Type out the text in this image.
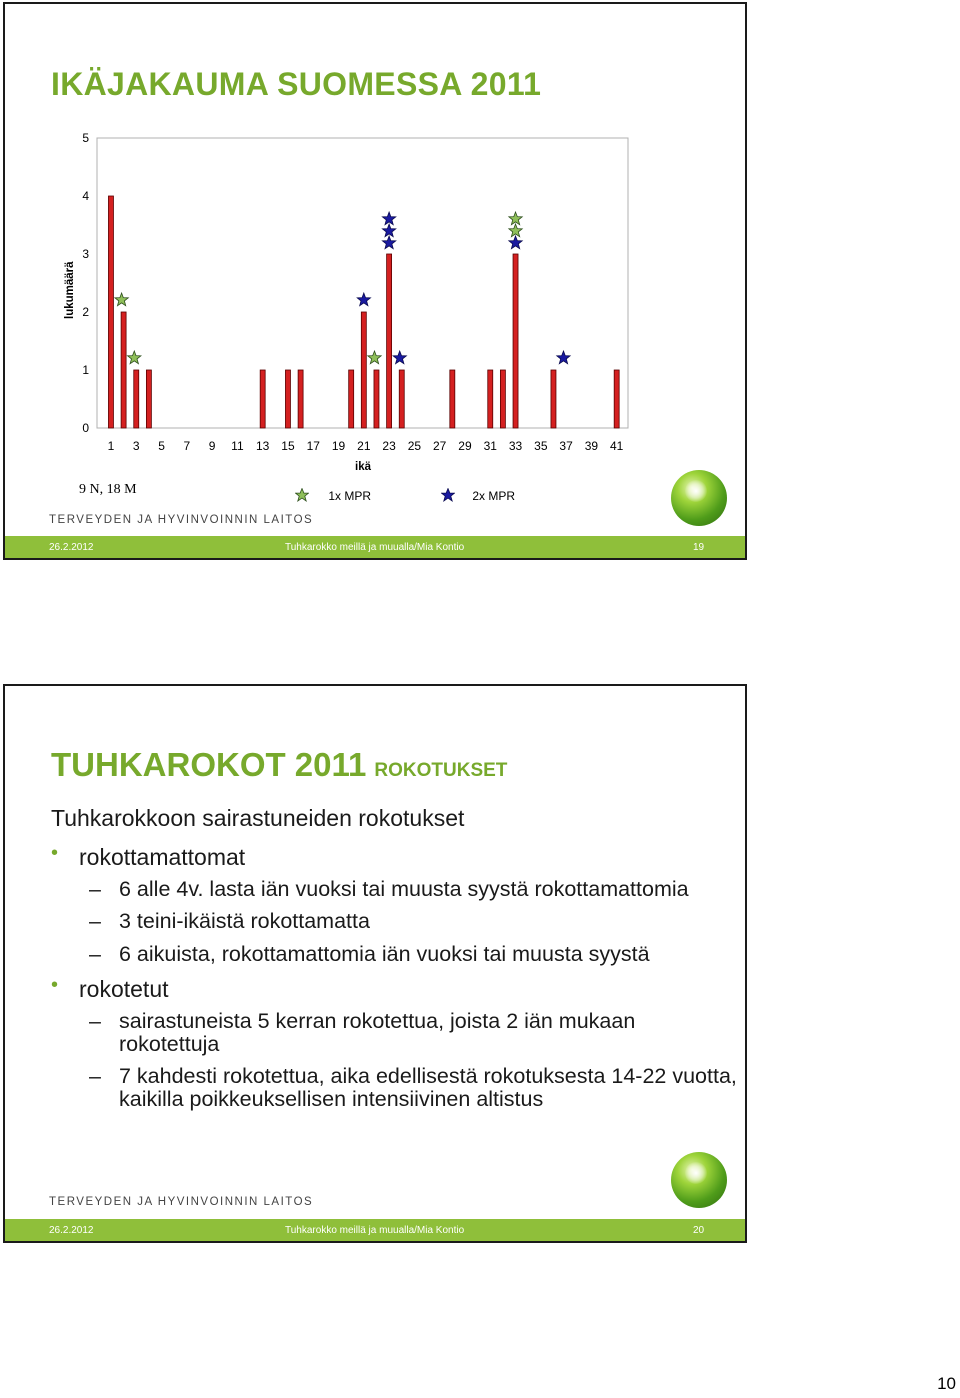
IKÄJAKAUMA SUOMESSA 2011
0
1
2
3
4
5
1 3 5 7 9 11 13 15 17 19 21 23 25 27 29 31 33 35 37 39 41
lukumäärä
ikä
9 N, 18 M	1x MPR	2x MPR
TERVEYDEN JA HYVINVOINNIN LAITOS
26.2.2012	Tuhkarokko meillä ja muualla/Mia Kontio	19
TUHKAROKOT 2011 ROKOTUKSET
Tuhkarokkoon sairastuneiden rokotukset
• rokottamattomat
– 6 alle 4v. lasta iän vuoksi tai muusta syystä rokottamattomia
– 3 teini-ikäistä rokottamatta
– 6 aikuista, rokottamattomia iän vuoksi tai muusta syystä
• rokotetut
– sairastuneista 5 kerran rokotettua, joista 2 iän mukaan rokotettuja
– 7 kahdesti rokotettua, aika edellisestä rokotuksesta 14-22 vuotta, kaikilla poikkeuksellisen intensiivinen altistus
TERVEYDEN JA HYVINVOINNIN LAITOS
26.2.2012	Tuhkarokko meillä ja muualla/Mia Kontio	20
10
